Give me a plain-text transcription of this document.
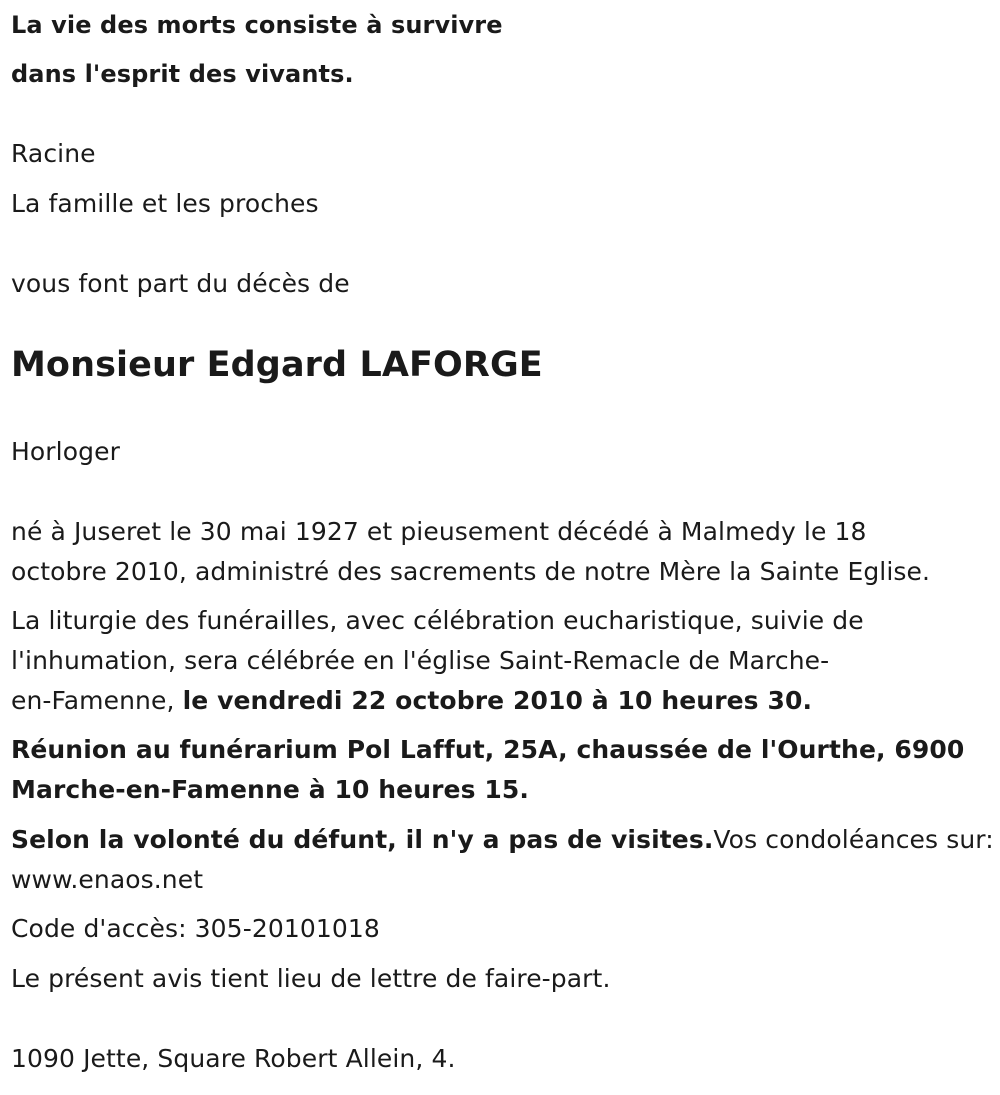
La vie des morts consiste à survivre
dans l'esprit des vivants.
Racine
La famille et les proches
vous font part du décès de
Monsieur Edgard LAFORGE
Horloger
né à Juseret le 30 mai 1927 et pieusement décédé à Malmedy le 18
octobre 2010, administré des sacrements de notre Mère la Sainte Eglise.
La liturgie des funérailles, avec célébration eucharistique, suivie de
l'inhumation, sera célébrée en l'église Saint-Remacle de Marche-
en-Famenne, le vendredi 22 octobre 2010 à 10 heures 30.
Réunion au funérarium Pol Laffut, 25A, chaussée de l'Ourthe, 6900
Marche-en-Famenne à 10 heures 15.
Selon la volonté du défunt, il n'y a pas de visites.Vos condoléances sur:
www.enaos.net
Code d'accès: 305-20101018
Le présent avis tient lieu de lettre de faire-part.
1090 Jette, Square Robert Allein, 4.
